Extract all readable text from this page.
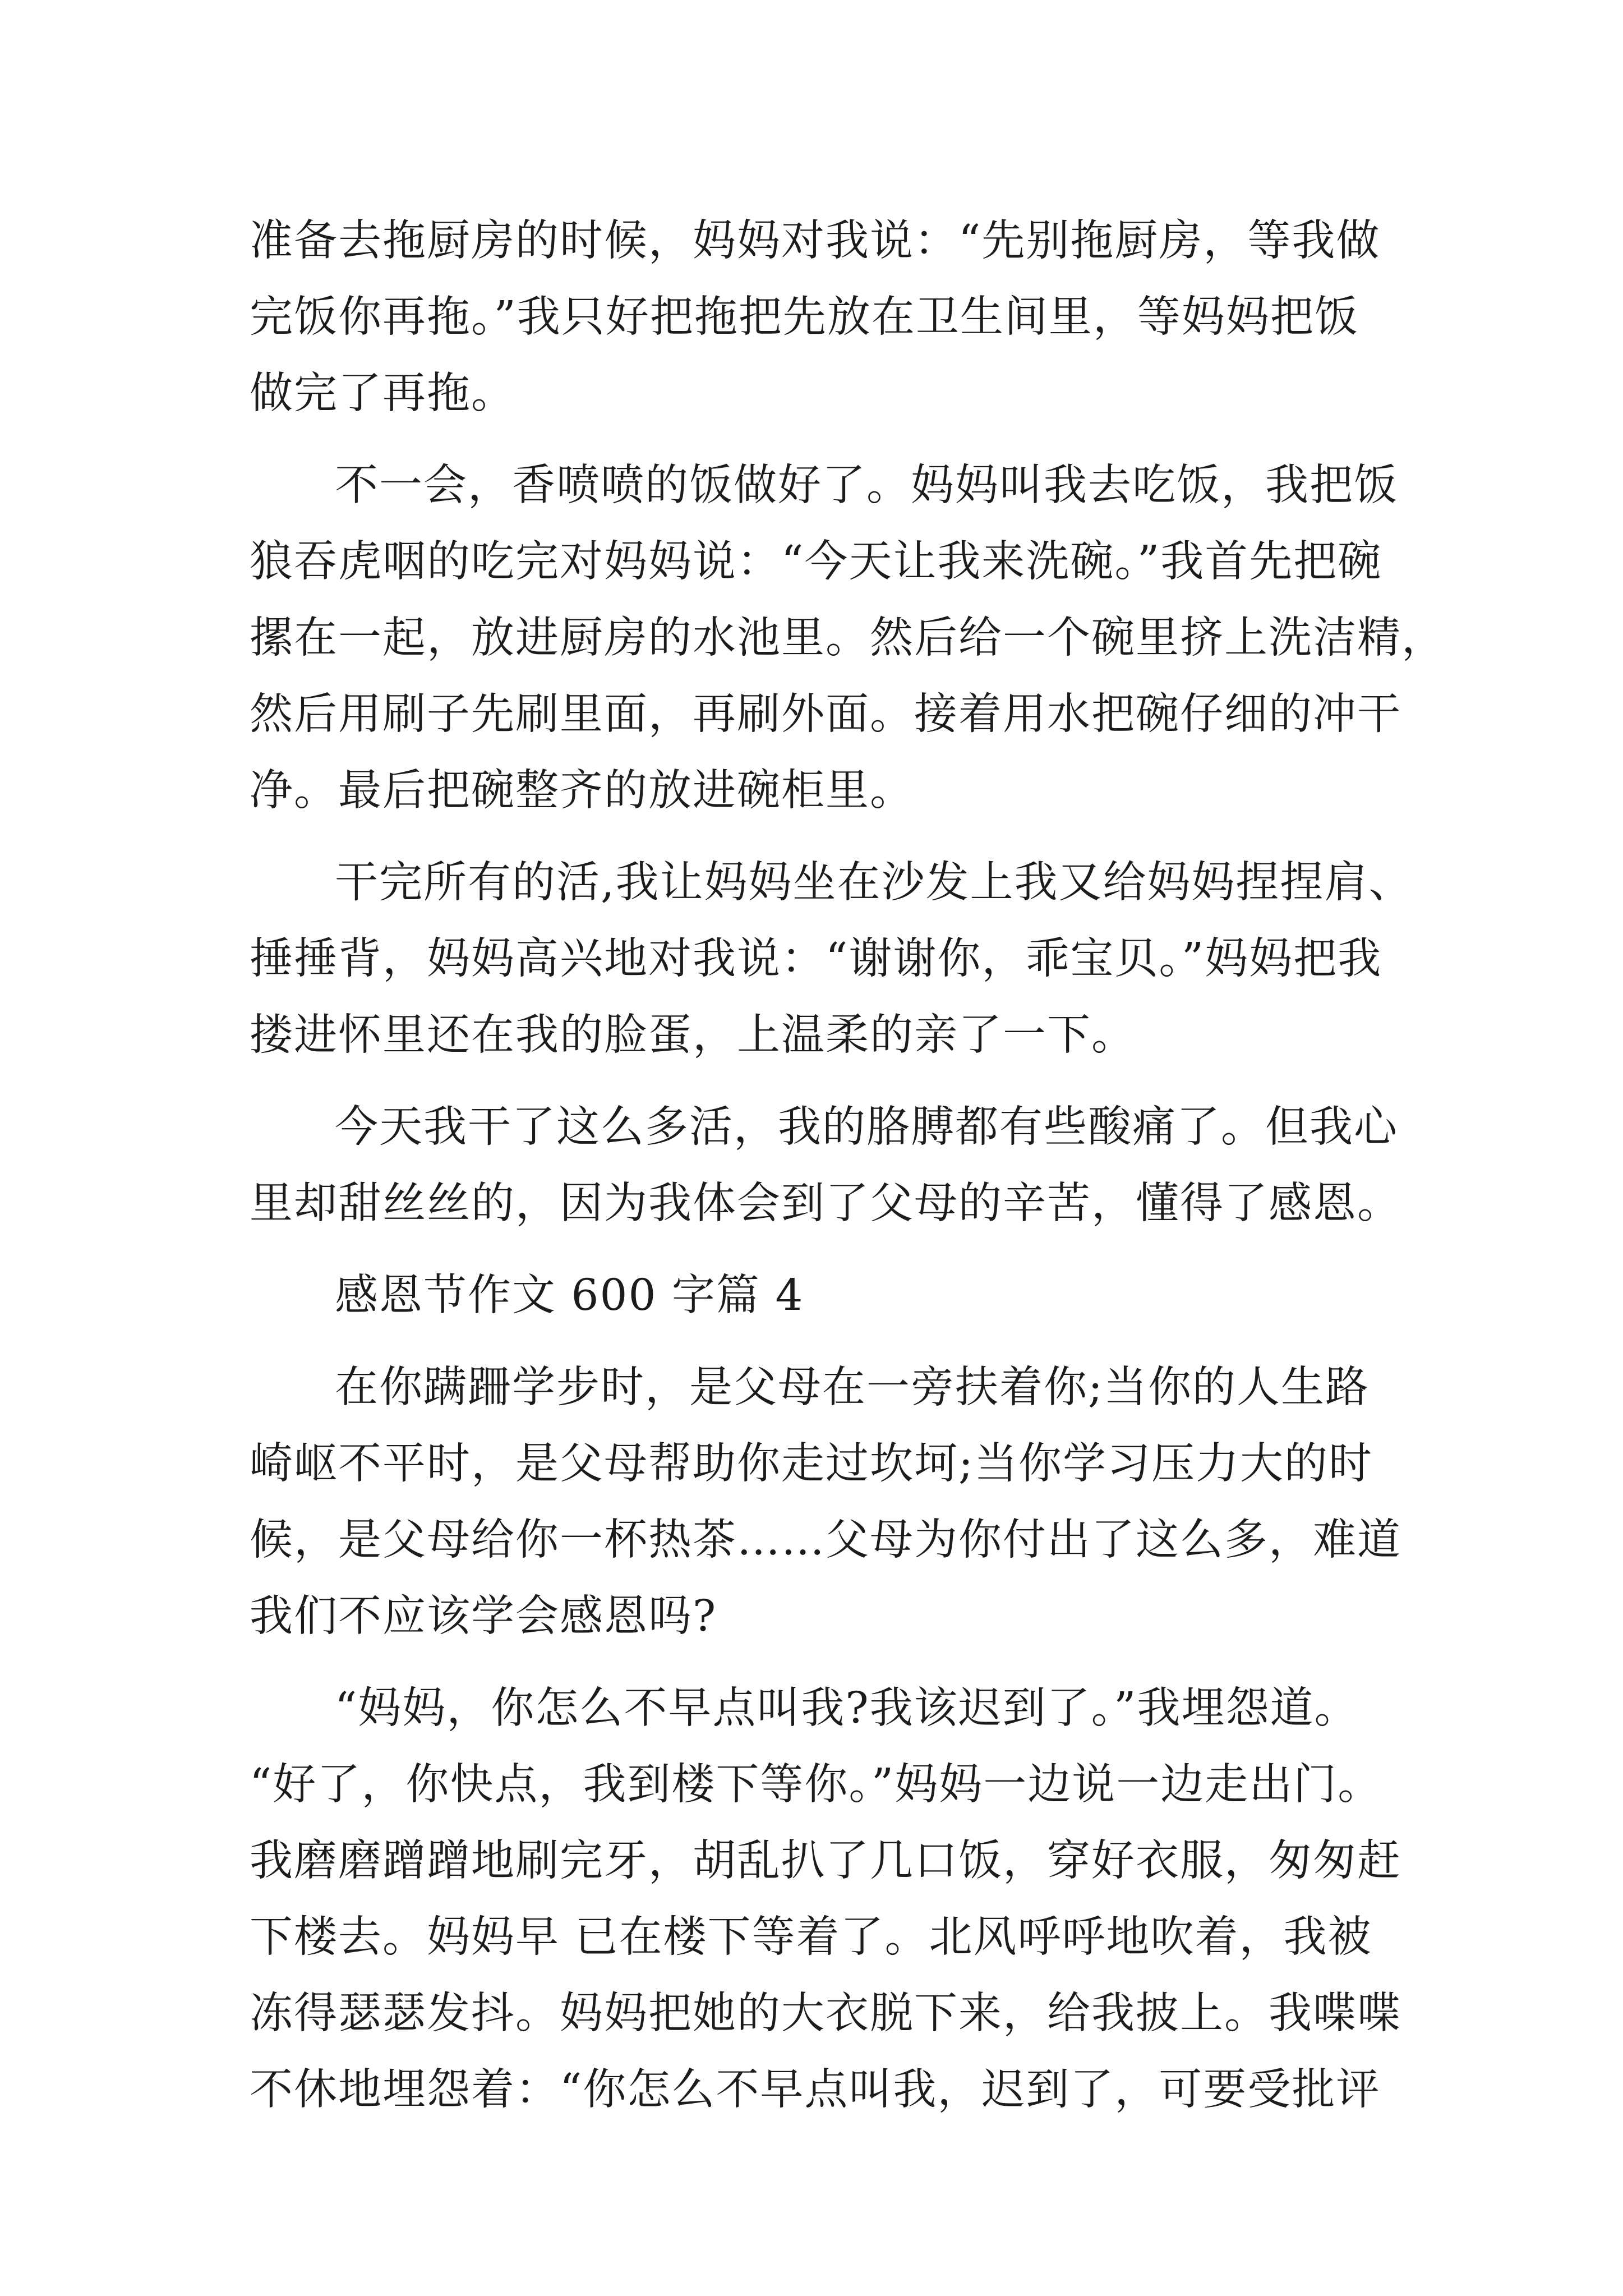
准备去拖厨房的时候，妈妈对我说：“先别拖厨房，等我做
完饭你再拖。”我只好把拖把先放在卫生间里，等妈妈把饭
做完了再拖。
不一会，香喷喷的饭做好了。妈妈叫我去吃饭，我把饭
狼吞虎咽的吃完对妈妈说：“今天让我来洗碗。”我首先把碗
摞在一起，放进厨房的水池里。然后给一个碗里挤上洗洁精，
然后用刷子先刷里面，再刷外面。接着用水把碗仔细的冲干
净。最后把碗整齐的放进碗柜里。
干完所有的活,我让妈妈坐在沙发上我又给妈妈捏捏肩、
捶捶背，妈妈高兴地对我说：“谢谢你，乖宝贝。”妈妈把我
搂进怀里还在我的脸蛋，上温柔的亲了一下。
今天我干了这么多活，我的胳膊都有些酸痛了。但我心
里却甜丝丝的，因为我体会到了父母的辛苦，懂得了感恩。
感恩节作文 600 字篇 4
在你蹒跚学步时，是父母在一旁扶着你;当你的人生路
崎岖不平时，是父母帮助你走过坎坷;当你学习压力大的时
候，是父母给你一杯热茶……父母为你付出了这么多，难道
我们不应该学会感恩吗?
“妈妈，你怎么不早点叫我?我该迟到了。”我埋怨道。
“好了，你快点，我到楼下等你。”妈妈一边说一边走出门。
我磨磨蹭蹭地刷完牙，胡乱扒了几口饭，穿好衣服，匆匆赶
下楼去。妈妈早 已在楼下等着了。北风呼呼地吹着，我被
冻得瑟瑟发抖。妈妈把她的大衣脱下来，给我披上。我喋喋
不休地埋怨着：“你怎么不早点叫我，迟到了，可要受批评
